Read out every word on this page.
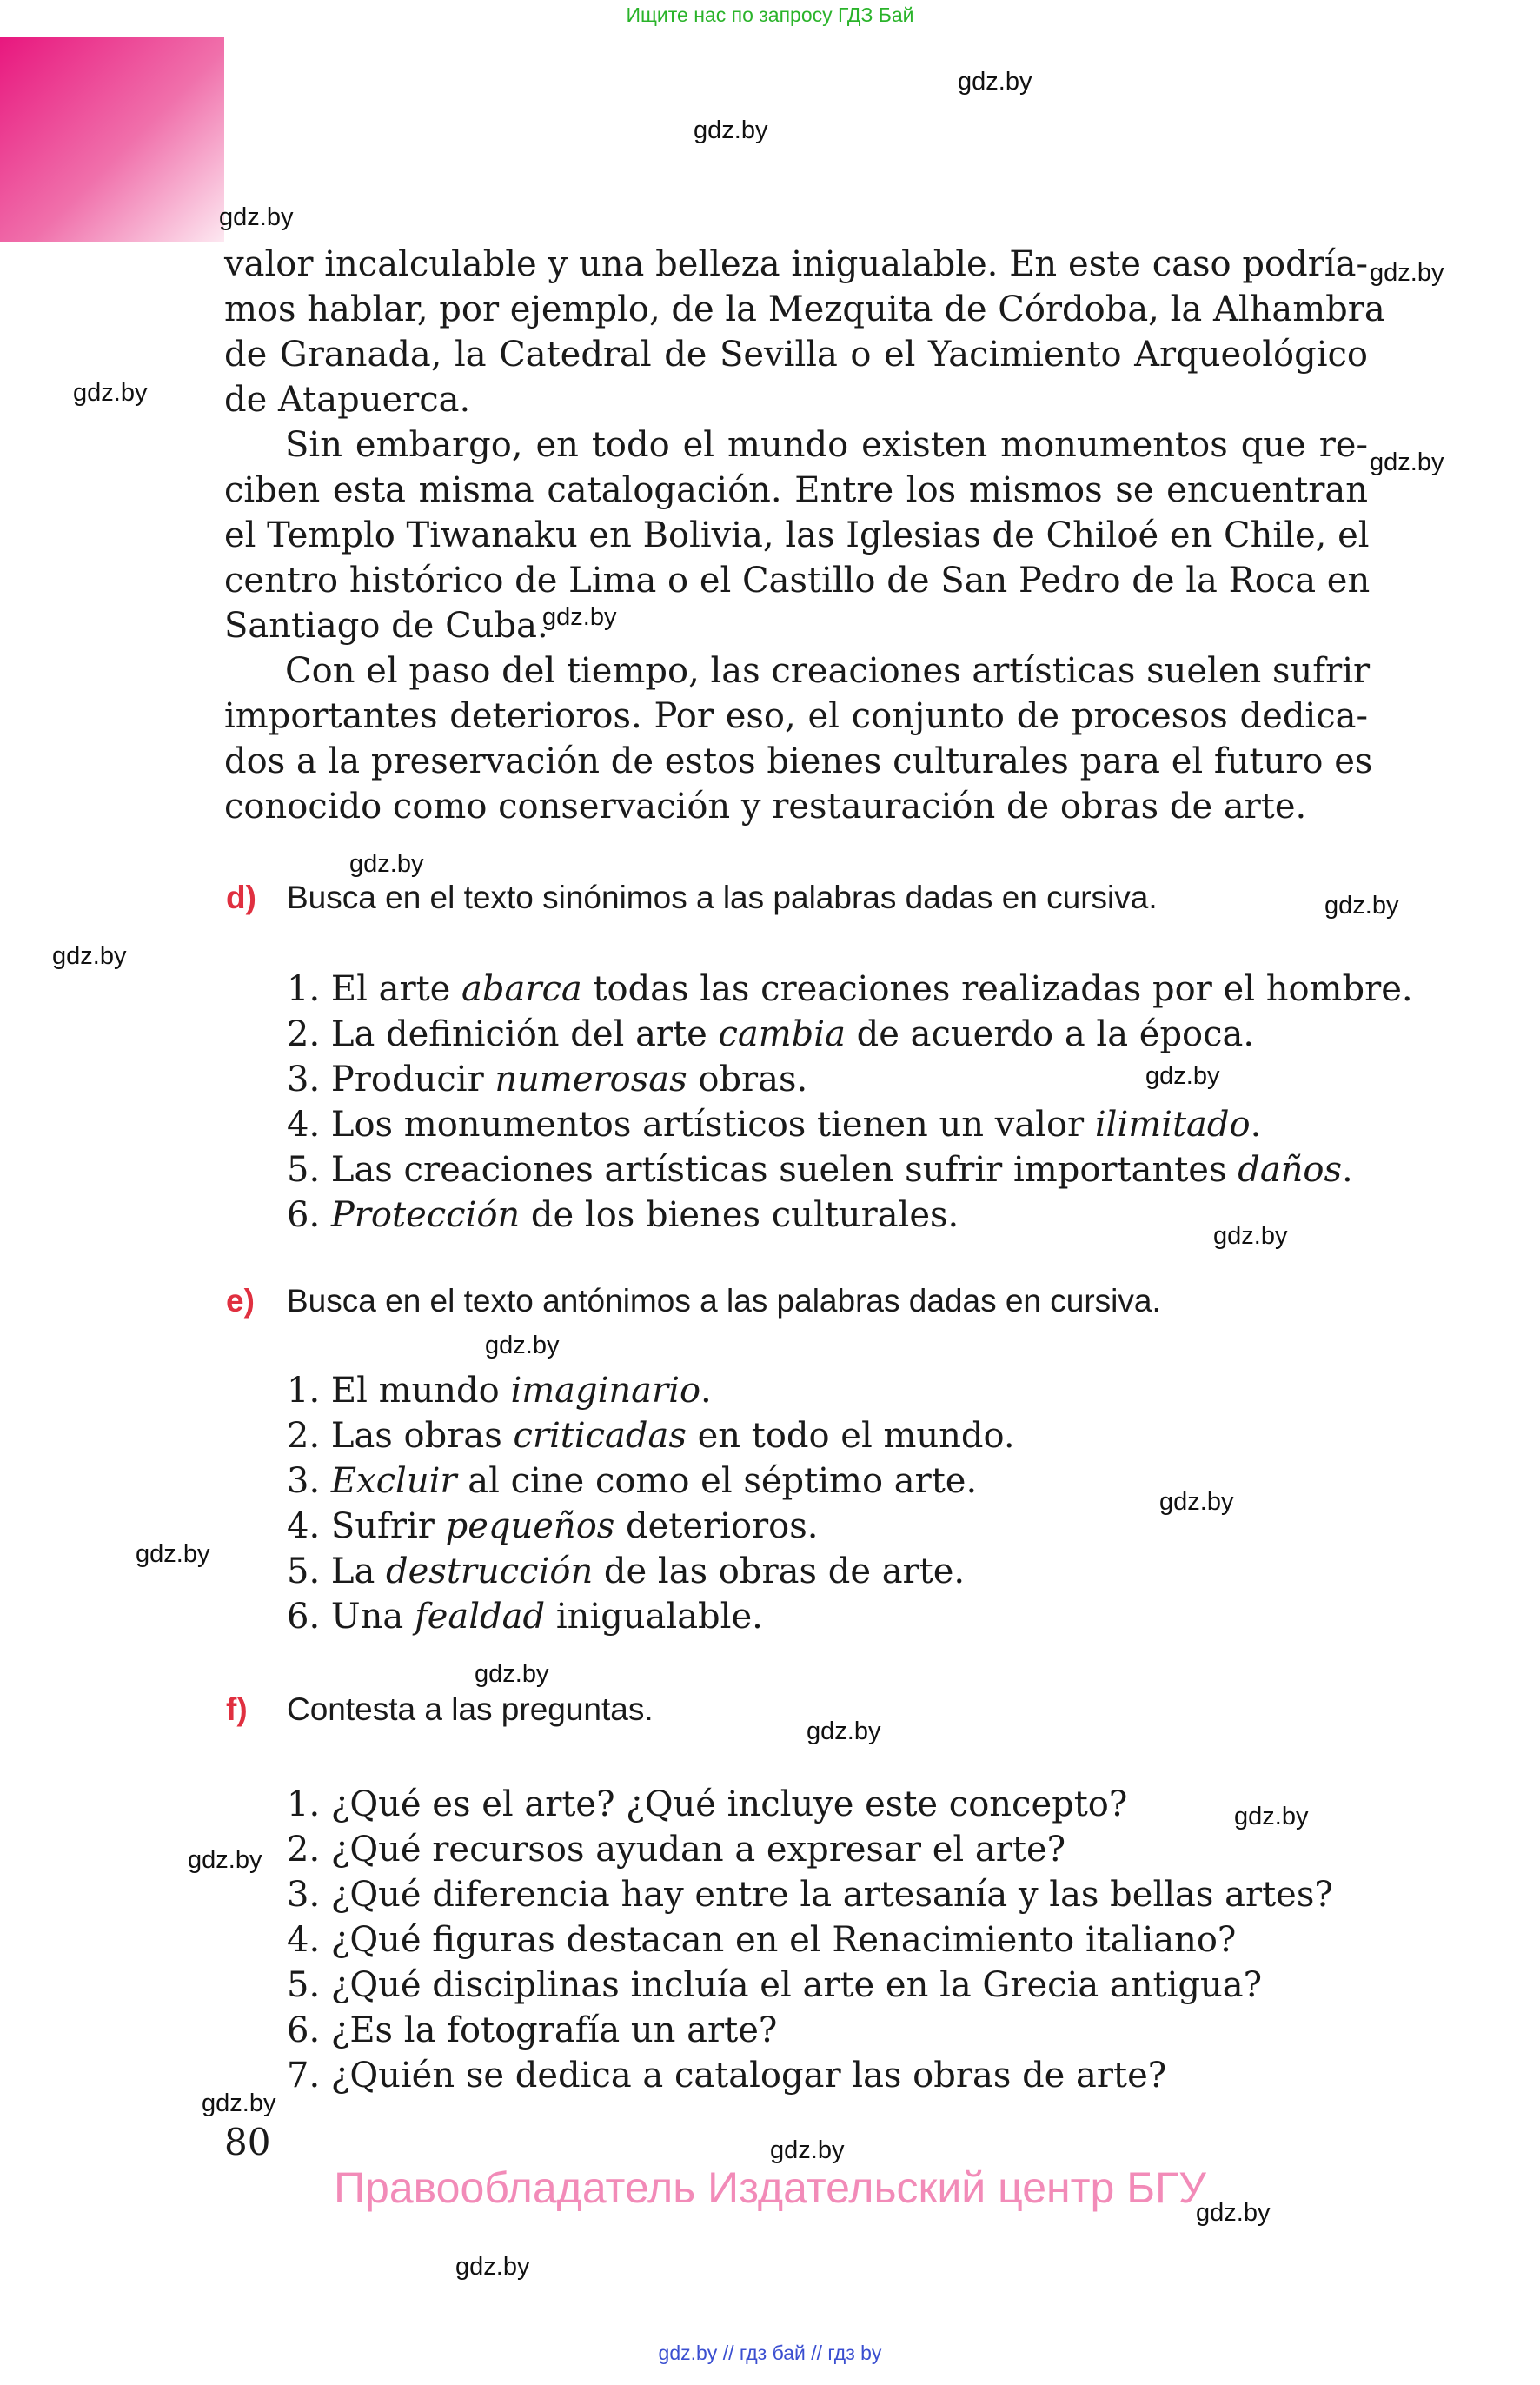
Ищите нас по запросу ГДЗ Бай
gdz.by
gdz.by
gdz.by
gdz.by
gdz.by
gdz.by
gdz.by
gdz.by
gdz.by
gdz.by
gdz.by
gdz.by
gdz.by
gdz.by
gdz.by
gdz.by
gdz.by
gdz.by
gdz.by
gdz.by
gdz.by
gdz.by
gdz.by

valor incalculable y una belleza inigualable. En este caso podría-
mos hablar, por ejemplo, de la Mezquita de Córdoba, la Alhambra
de Granada, la Catedral de Sevilla o el Yacimiento Arqueológico
de Atapuerca.

Sin embargo, en todo el mundo existen monumentos que re-
ciben esta misma catalogación. Entre los mismos se encuentran
el Templo Tiwanaku en Bolivia, las Iglesias de Chiloé en Chile, el
centro histórico de Lima o el Castillo de San Pedro de la Roca en
Santiago de Cuba.

Con el paso del tiempo, las creaciones artísticas suelen sufrir
importantes deterioros. Por eso, el conjunto de procesos dedica-
dos a la preservación de estos bienes culturales para el futuro es
conocido como conservación y restauración de obras de arte.

d) Busca en el texto sinónimos a las palabras dadas en cursiva.
1. El arte abarca todas las creaciones realizadas por el hombre.
2. La definición del arte cambia de acuerdo a la época.
3. Producir numerosas obras.
4. Los monumentos artísticos tienen un valor ilimitado.
5. Las creaciones artísticas suelen sufrir importantes daños.
6. Protección de los bienes culturales.
e) Busca en el texto antónimos a las palabras dadas en cursiva.
1. El mundo imaginario.
2. Las obras criticadas en todo el mundo.
3. Excluir al cine como el séptimo arte.
4. Sufrir pequeños deterioros.
5. La destrucción de las obras de arte.
6. Una fealdad inigualable.
f) Contesta a las preguntas.
1. ¿Qué es el arte? ¿Qué incluye este concepto?
2. ¿Qué recursos ayudan a expresar el arte?
3. ¿Qué diferencia hay entre la artesanía y las bellas artes?
4. ¿Qué figuras destacan en el Renacimiento italiano?
5. ¿Qué disciplinas incluía el arte en la Grecia antigua?
6. ¿Es la fotografía un arte?
7. ¿Quién se dedica a catalogar las obras de arte?
80
Правообладатель Издательский центр БГУ
gdz.by // гдз бай // гдз by
